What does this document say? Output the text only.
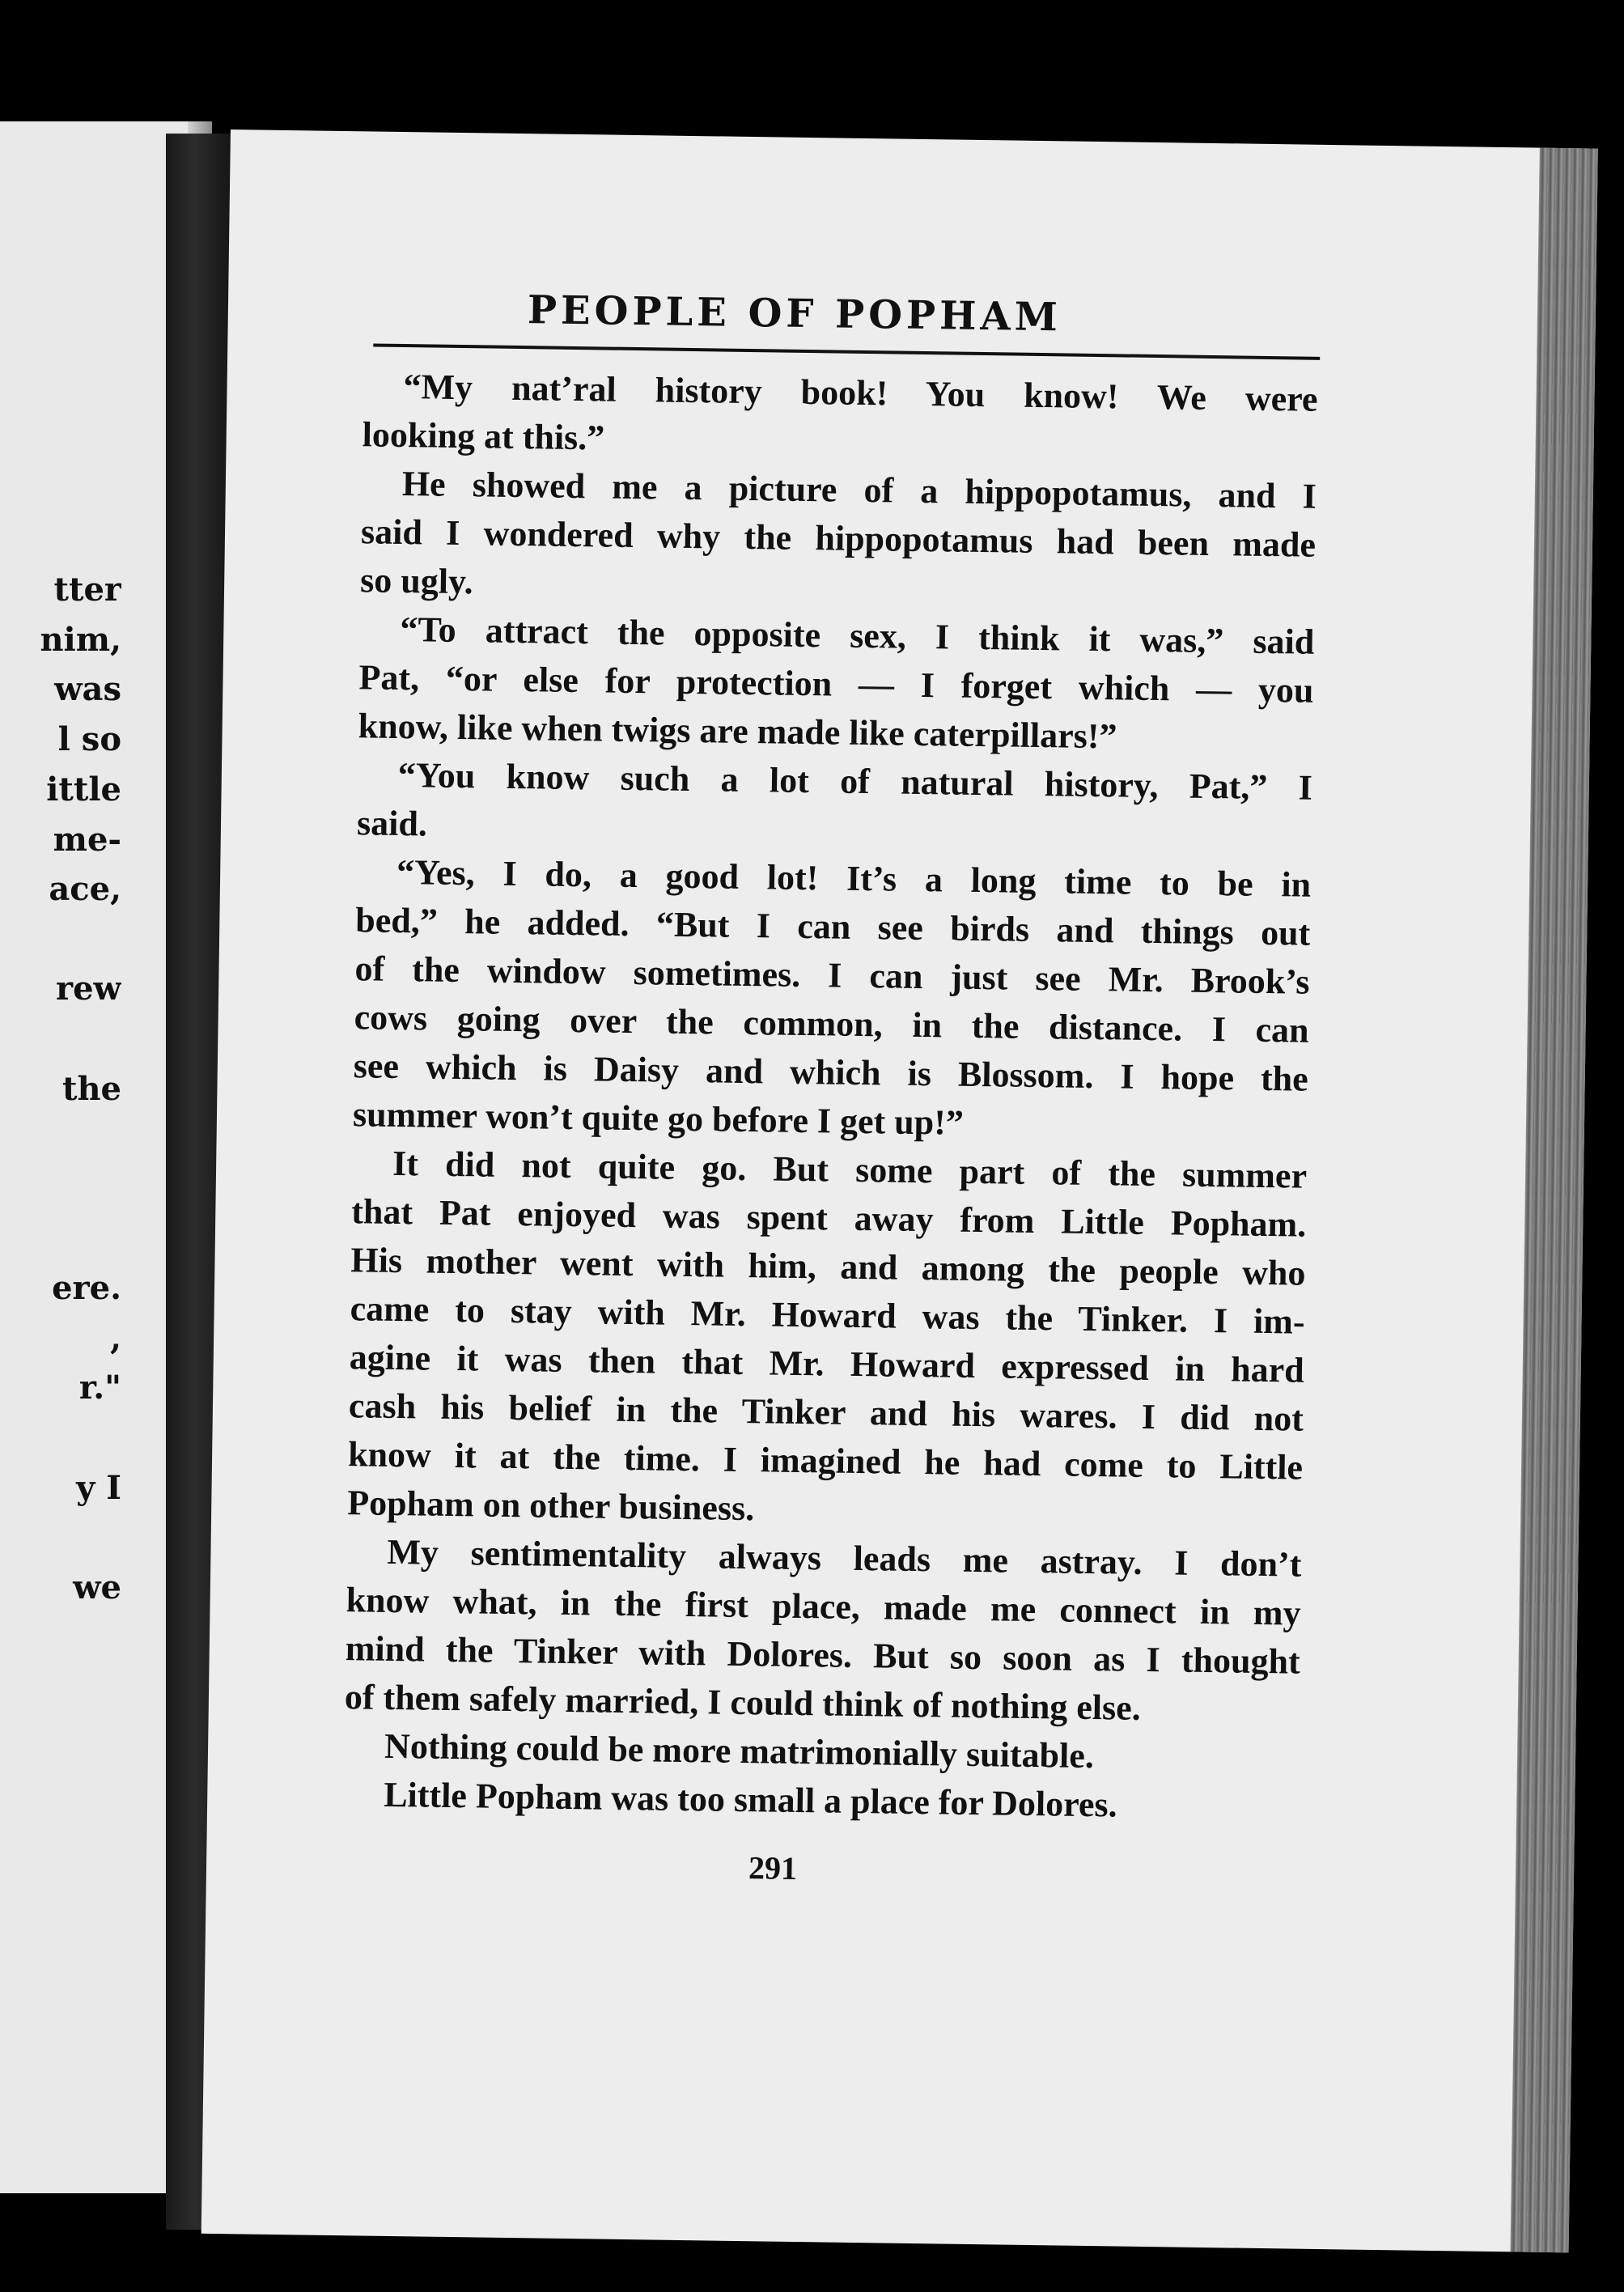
tter
nim,
was
l so
ittle
me-
ace,
rew
the
ere.
,
r."
y I
we
PEOPLE OF POPHAM
“My nat’ral history book! You know! We were
looking at this.”
He showed me a picture of a hippopotamus, and I
said I wondered why the hippopotamus had been made
so ugly.
“To attract the opposite sex, I think it was,” said
Pat, “or else for protection — I forget which — you
know, like when twigs are made like caterpillars!”
“You know such a lot of natural history, Pat,” I
said.
“Yes, I do, a good lot! It’s a long time to be in
bed,” he added. “But I can see birds and things out
of the window sometimes. I can just see Mr. Brook’s
cows going over the common, in the distance. I can
see which is Daisy and which is Blossom. I hope the
summer won’t quite go before I get up!”
It did not quite go. But some part of the summer
that Pat enjoyed was spent away from Little Popham.
His mother went with him, and among the people who
came to stay with Mr. Howard was the Tinker. I im-
agine it was then that Mr. Howard expressed in hard
cash his belief in the Tinker and his wares. I did not
know it at the time. I imagined he had come to Little
Popham on other business.
My sentimentality always leads me astray. I don’t
know what, in the first place, made me connect in my
mind the Tinker with Dolores. But so soon as I thought
of them safely married, I could think of nothing else.
Nothing could be more matrimonially suitable.
Little Popham was too small a place for Dolores.
291
